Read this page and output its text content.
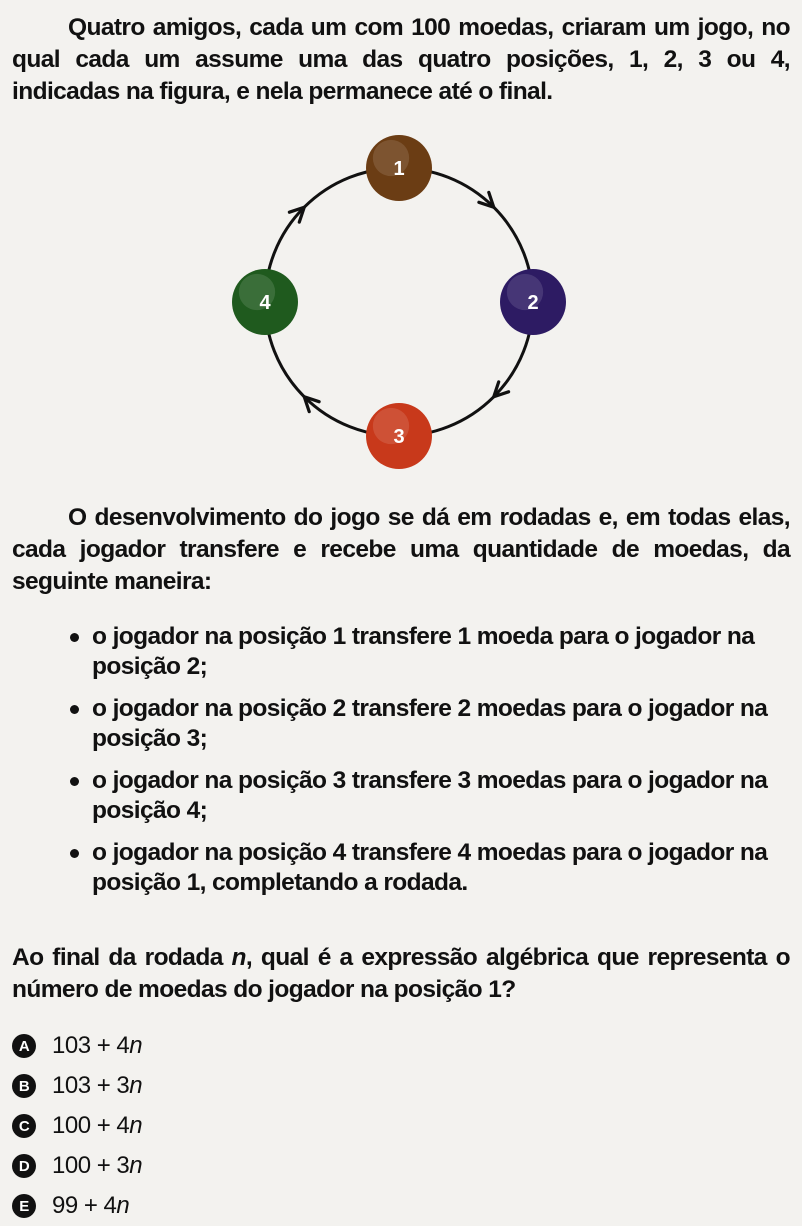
Quatro amigos, cada um com 100 moedas, criaram um jogo, no qual cada um assume uma das quatro posições, 1, 2, 3 ou 4, indicadas na figura, e nela permanece até o final.

1
2
3
4

O desenvolvimento do jogo se dá em rodadas e, em todas elas, cada jogador transfere e recebe uma quantidade de moedas, da seguinte maneira:

o jogador na posição 1 transfere 1 moeda para o jogador na posição 2;
o jogador na posição 2 transfere 2 moedas para o jogador na posição 3;
o jogador na posição 3 transfere 3 moedas para o jogador na posição 4;
o jogador na posição 4 transfere 4 moedas para o jogador na posição 1, completando a rodada.

Ao final da rodada n, qual é a expressão algébrica que representa o número de moedas do jogador na posição 1?

A 103 + 4n
B 103 + 3n
C 100 + 4n
D 100 + 3n
E 99 + 4n
